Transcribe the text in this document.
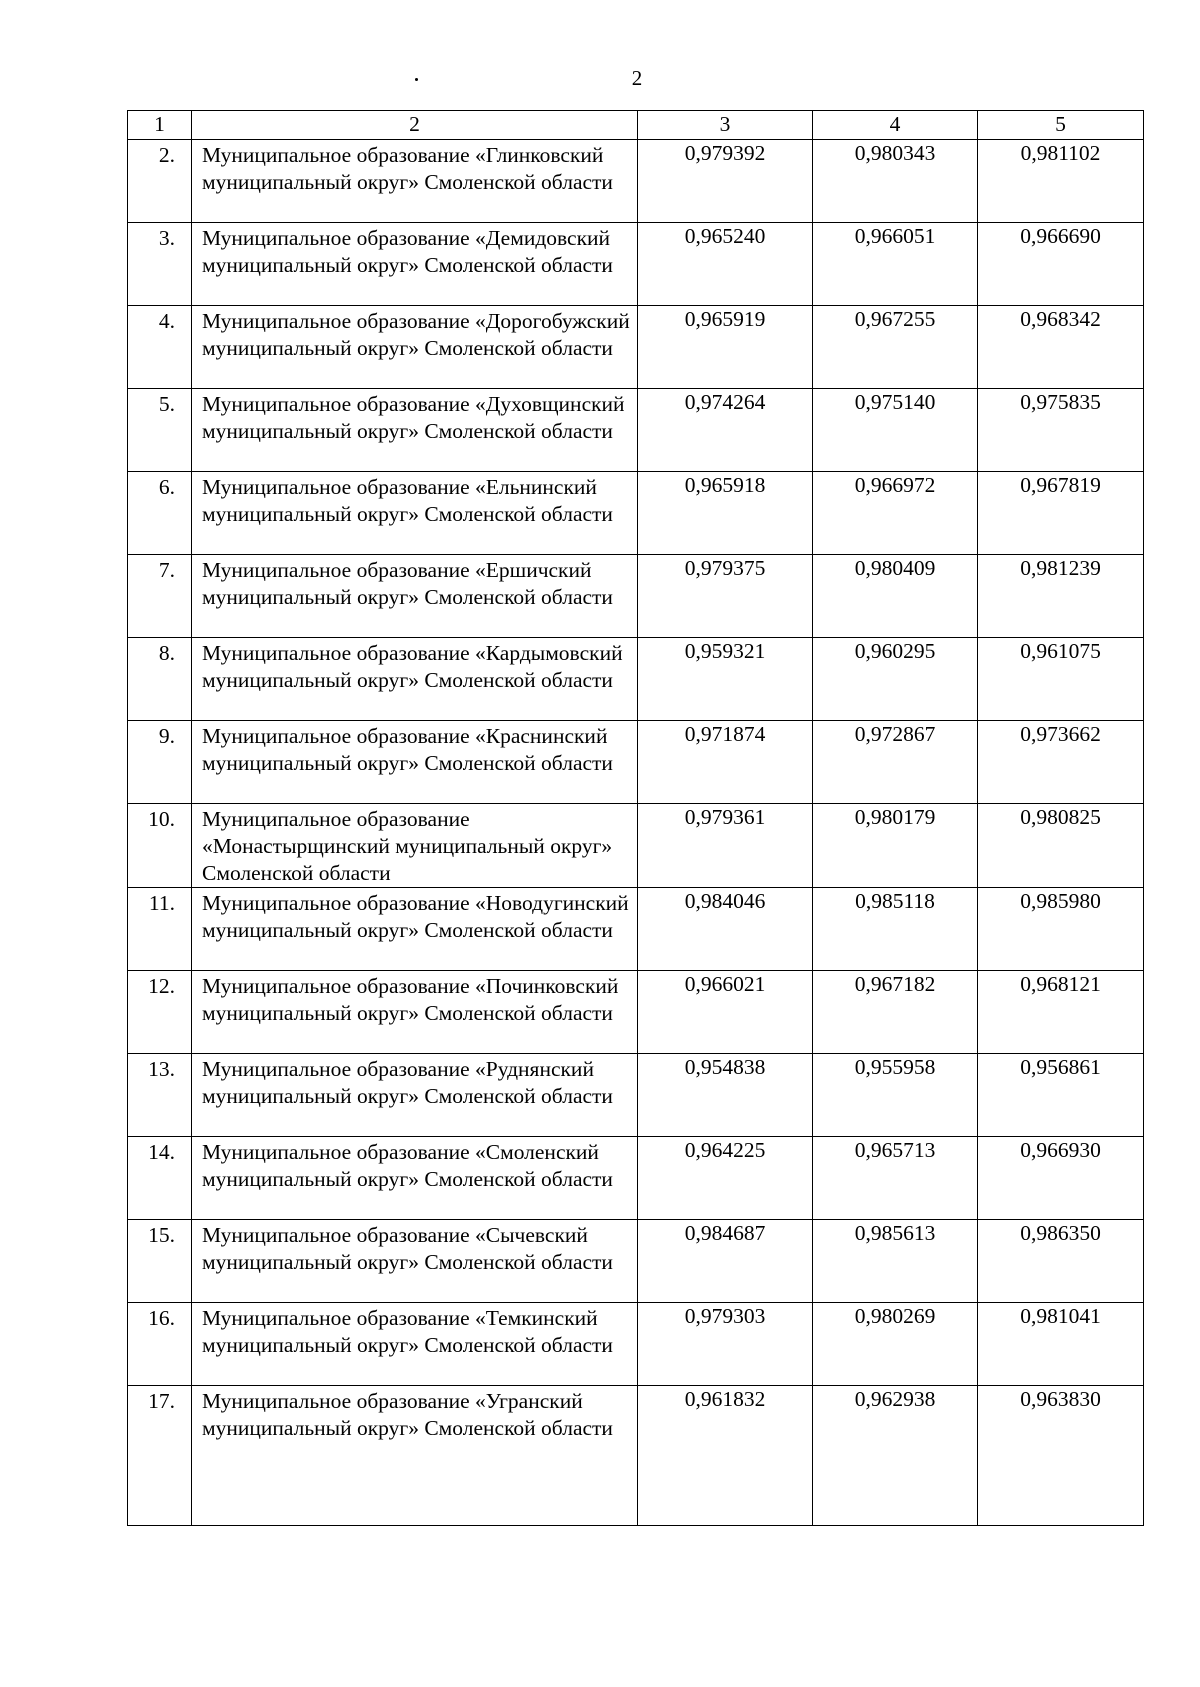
2
1	2	3	4	5
2.	Муниципальное образование «Глинковский муниципальный округ» Смоленской области	0,979392	0,980343	0,981102
3.	Муниципальное образование «Демидовский муниципальный округ» Смоленской области	0,965240	0,966051	0,966690
4.	Муниципальное образование «Дорогобужский муниципальный округ» Смоленской области	0,965919	0,967255	0,968342
5.	Муниципальное образование «Духовщинский муниципальный округ» Смоленской области	0,974264	0,975140	0,975835
6.	Муниципальное образование «Ельнинский муниципальный округ» Смоленской области	0,965918	0,966972	0,967819
7.	Муниципальное образование «Ершичский муниципальный округ» Смоленской области	0,979375	0,980409	0,981239
8.	Муниципальное образование «Кардымовский муниципальный округ» Смоленской области	0,959321	0,960295	0,961075
9.	Муниципальное образование «Краснинский муниципальный округ» Смоленской области	0,971874	0,972867	0,973662
10.	Муниципальное образование «Монастырщинский муниципальный округ» Смоленской области	0,979361	0,980179	0,980825
11.	Муниципальное образование «Новодугинский муниципальный округ» Смоленской области	0,984046	0,985118	0,985980
12.	Муниципальное образование «Починковский муниципальный округ» Смоленской области	0,966021	0,967182	0,968121
13.	Муниципальное образование «Руднянский муниципальный округ» Смоленской области	0,954838	0,955958	0,956861
14.	Муниципальное образование «Смоленский муниципальный округ» Смоленской области	0,964225	0,965713	0,966930
15.	Муниципальное образование «Сычевский муниципальный округ» Смоленской области	0,984687	0,985613	0,986350
16.	Муниципальное образование «Темкинский муниципальный округ» Смоленской области	0,979303	0,980269	0,981041
17.	Муниципальное образование «Угранский муниципальный округ» Смоленской области	0,961832	0,962938	0,963830
